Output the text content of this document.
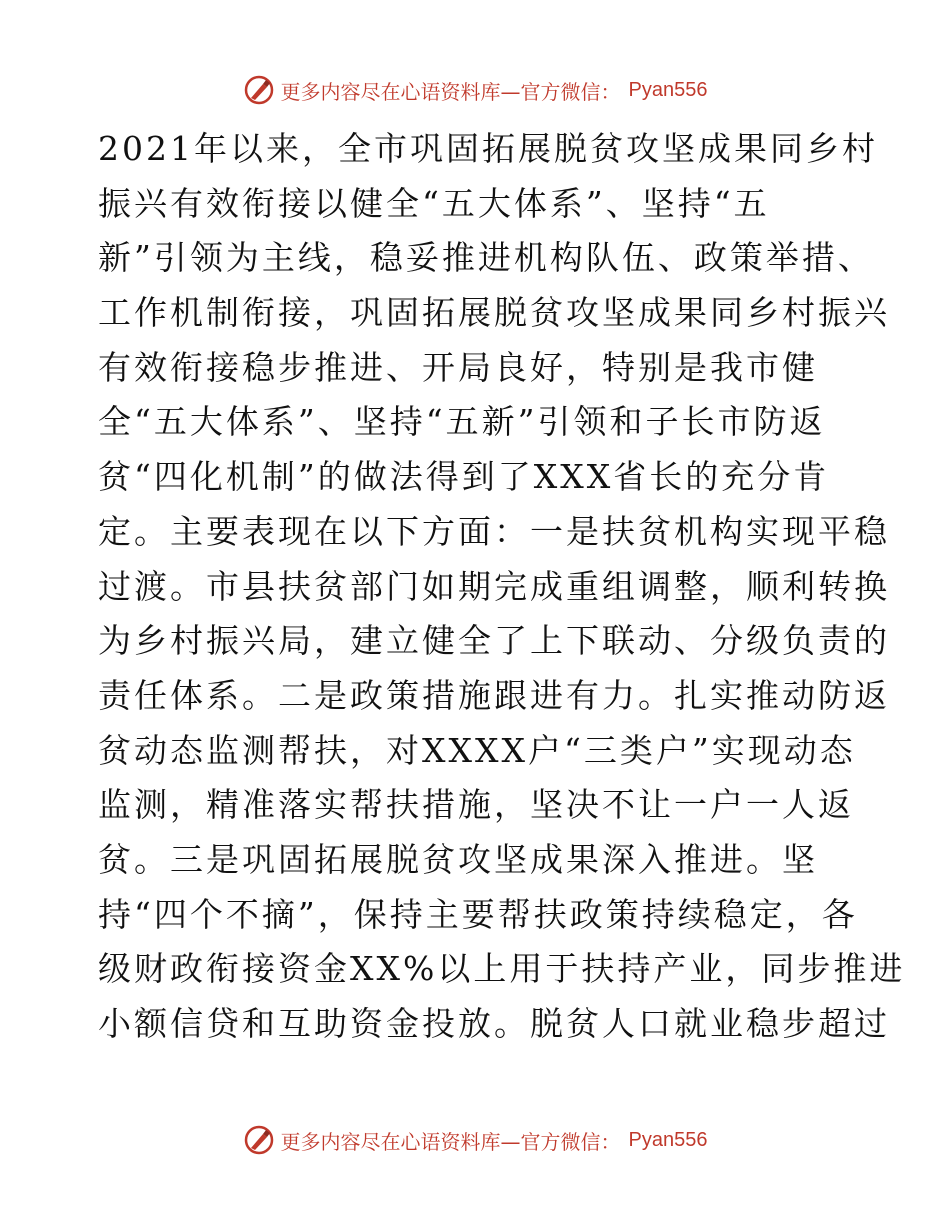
更多内容尽在心语资料库—官方微信： Pyan556
2021年以来，全市巩固拓展脱贫攻坚成果同乡村
振兴有效衔接以健全“五大体系”、坚持“五
新”引领为主线，稳妥推进机构队伍、政策举措、
工作机制衔接，巩固拓展脱贫攻坚成果同乡村振兴
有效衔接稳步推进、开局良好，特别是我市健
全“五大体系”、坚持“五新”引领和子长市防返
贫“四化机制”的做法得到了XXX省长的充分肯
定。主要表现在以下方面：一是扶贫机构实现平稳
过渡。市县扶贫部门如期完成重组调整，顺利转换
为乡村振兴局，建立健全了上下联动、分级负责的
责任体系。二是政策措施跟进有力。扎实推动防返
贫动态监测帮扶，对XXXX户“三类户”实现动态
监测，精准落实帮扶措施，坚决不让一户一人返
贫。三是巩固拓展脱贫攻坚成果深入推进。坚
持“四个不摘”，保持主要帮扶政策持续稳定，各
级财政衔接资金XX%以上用于扶持产业，同步推进
小额信贷和互助资金投放。脱贫人口就业稳步超过
更多内容尽在心语资料库—官方微信： Pyan556
